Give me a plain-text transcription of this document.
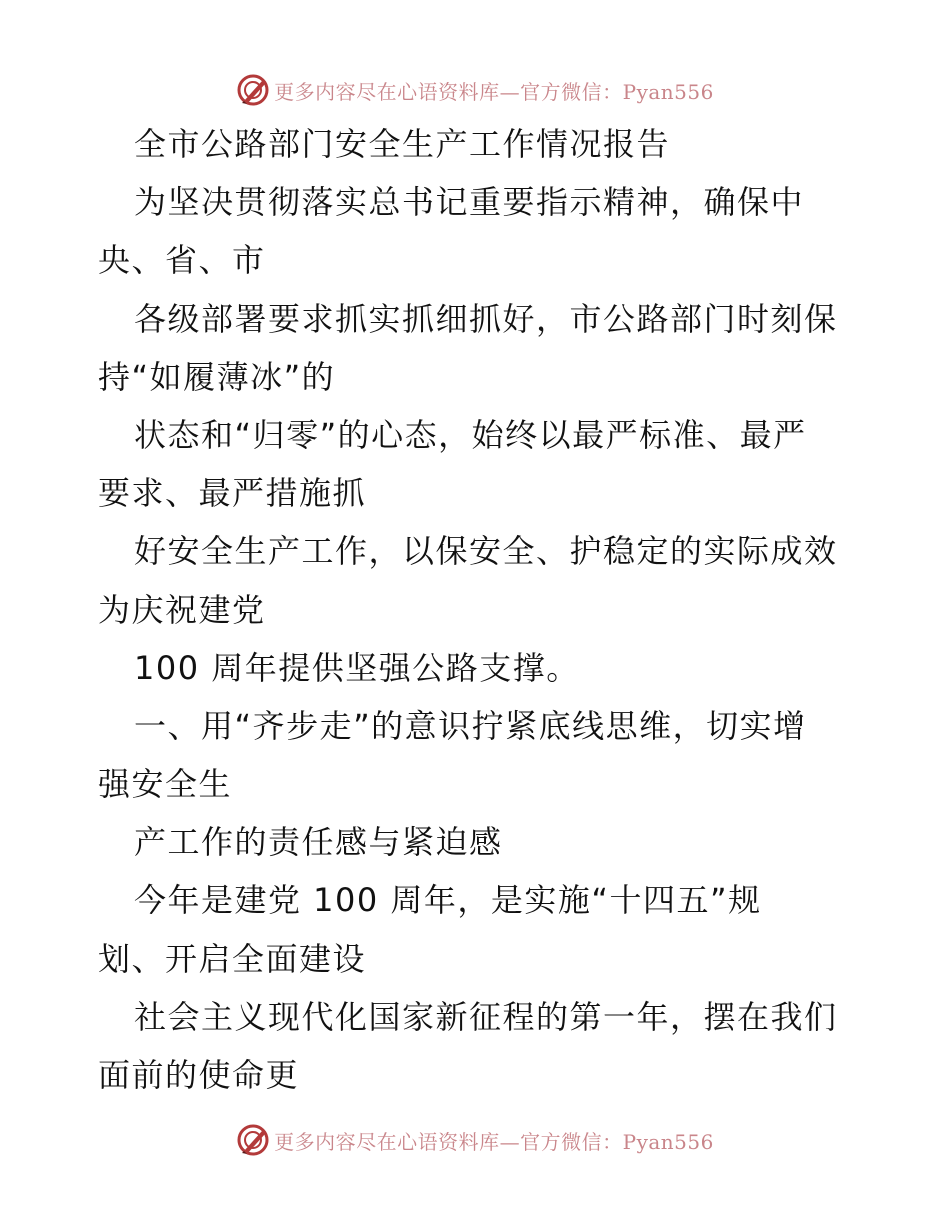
更多内容尽在心语资料库—官方微信：Pyan556
全市公路部门安全生产工作情况报告
为坚决贯彻落实总书记重要指示精神，确保中
央、省、市
各级部署要求抓实抓细抓好，市公路部门时刻保
持“如履薄冰”的
状态和“归零”的心态，始终以最严标准、最严
要求、最严措施抓
好安全生产工作，以保安全、护稳定的实际成效
为庆祝建党
100 周年提供坚强公路支撑。
一、用“齐步走”的意识拧紧底线思维，切实增
强安全生
产工作的责任感与紧迫感
今年是建党 100 周年，是实施“十四五”规
划、开启全面建设
社会主义现代化国家新征程的第一年，摆在我们
面前的使命更
更多内容尽在心语资料库—官方微信：Pyan556
